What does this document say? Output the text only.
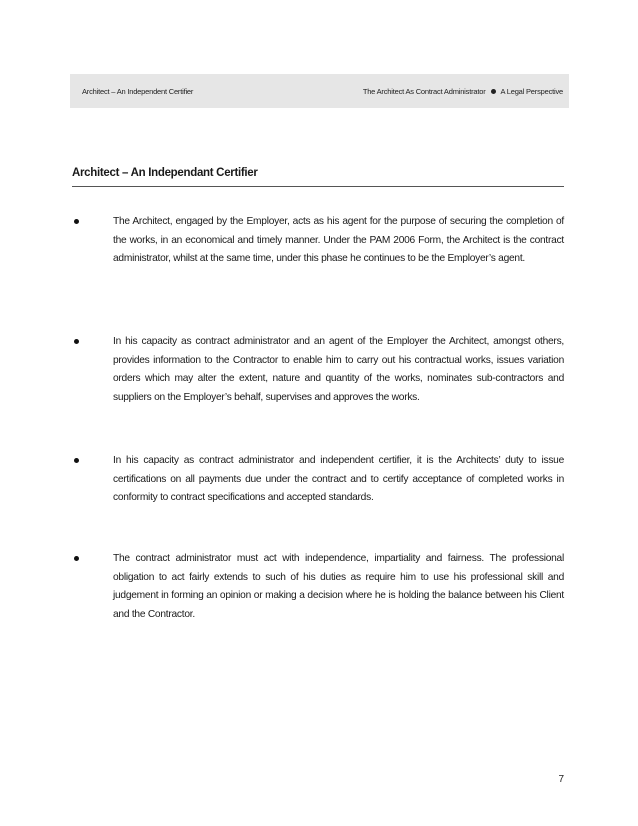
Architect – An Independent Certifier	The Architect As Contract Administrator A Legal Perspective
Architect – An Independant Certifier
The Architect, engaged by the Employer, acts as his agent for the purpose of securing the completion of the works, in an economical and timely manner. Under the PAM 2006 Form, the Architect is the contract administrator, whilst at the same time, under this phase he continues to be the Employer’s agent.
In his capacity as contract administrator and an agent of the Employer the Architect, amongst others, provides information to the Contractor to enable him to carry out his contractual works, issues variation orders which may alter the extent, nature and quantity of the works, nominates sub-contractors and suppliers on the Employer’s behalf, supervises and approves the works.
In his capacity as contract administrator and independent certifier, it is the Architects’ duty to issue certifications on all payments due under the contract and to certify acceptance of completed works in conformity to contract specifications and accepted standards.
The contract administrator must act with independence, impartiality and fairness. The professional obligation to act fairly extends to such of his duties as require him to use his professional skill and judgement in forming an opinion or making a decision where he is holding the balance between his Client and the Contractor.
7
